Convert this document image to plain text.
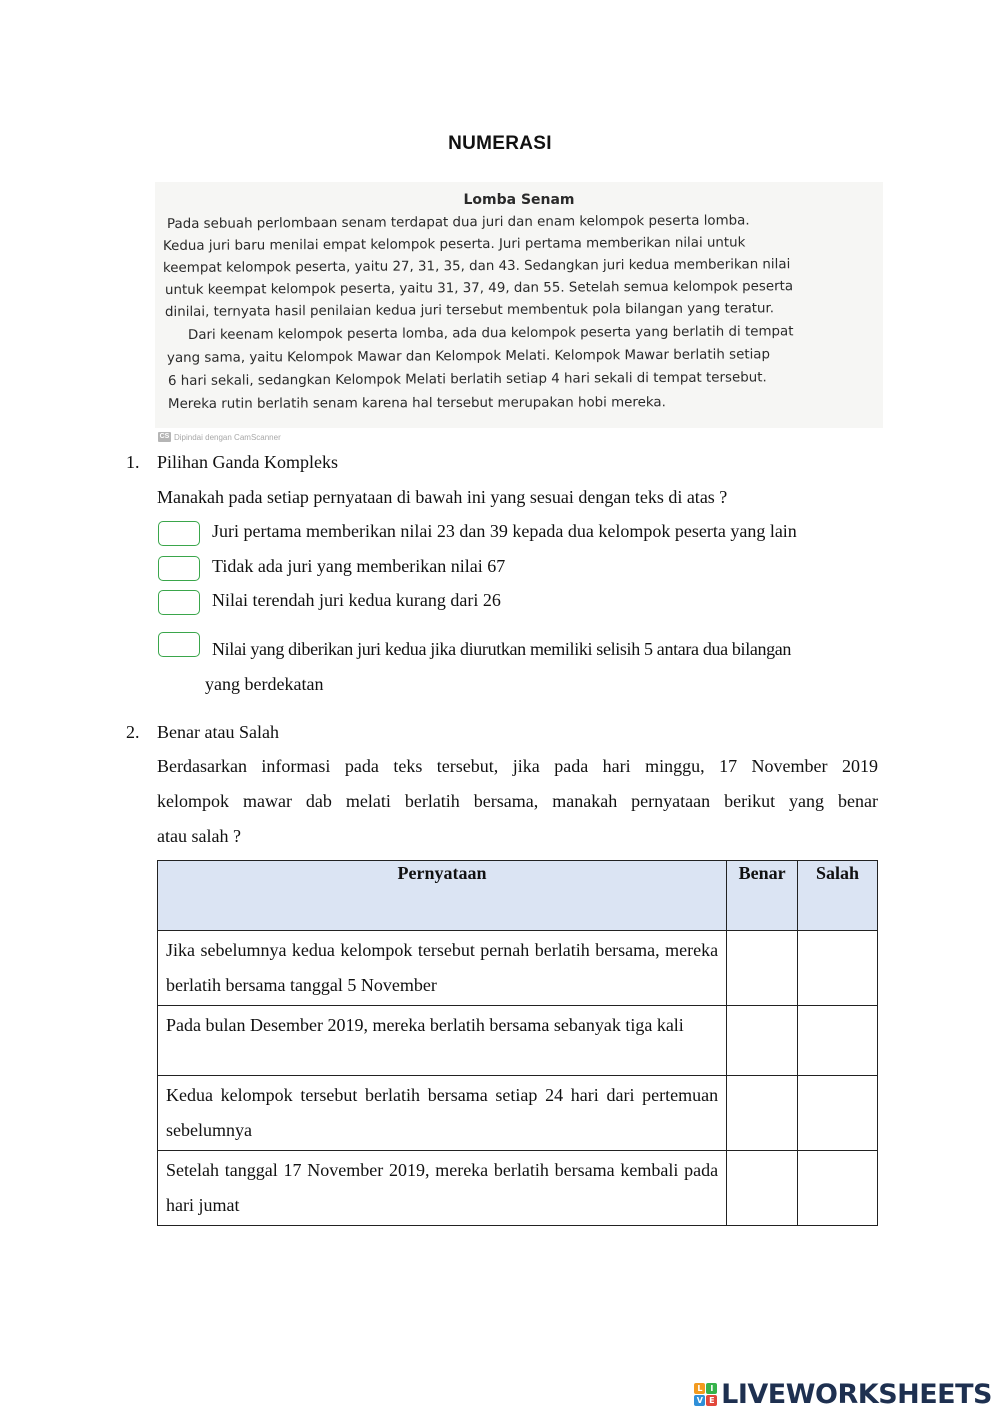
NUMERASI
Lomba Senam
Pada sebuah perlombaan senam terdapat dua juri dan enam kelompok peserta lomba.
Kedua juri baru menilai empat kelompok peserta. Juri pertama memberikan nilai untuk
keempat kelompok peserta, yaitu 27, 31, 35, dan 43. Sedangkan juri kedua memberikan nilai
untuk keempat kelompok peserta, yaitu 31, 37, 49, dan 55. Setelah semua kelompok peserta
dinilai, ternyata hasil penilaian kedua juri tersebut membentuk pola bilangan yang teratur.
Dari keenam kelompok peserta lomba, ada dua kelompok peserta yang berlatih di tempat
yang sama, yaitu Kelompok Mawar dan Kelompok Melati. Kelompok Mawar berlatih setiap
6 hari sekali, sedangkan Kelompok Melati berlatih setiap 4 hari sekali di tempat tersebut.
Mereka rutin berlatih senam karena hal tersebut merupakan hobi mereka.
CS Dipindai dengan CamScanner
1. Pilihan Ganda Kompleks
Manakah pada setiap pernyataan di bawah ini yang sesuai dengan teks di atas ?
Juri pertama memberikan nilai 23 dan 39 kepada dua kelompok peserta yang lain
Tidak ada juri yang memberikan nilai 67
Nilai terendah juri kedua kurang dari 26
Nilai yang diberikan juri kedua jika diurutkan memiliki selisih 5 antara dua bilangan
yang berdekatan
2. Benar atau Salah
Berdasarkan informasi pada teks tersebut, jika pada hari minggu, 17 November 2019
kelompok mawar dab melati berlatih bersama, manakah pernyataan berikut yang benar
atau salah ?
Pernyataan	Benar	Salah
Jika sebelumnya kedua kelompok tersebut pernah berlatih bersama, mereka berlatih bersama tanggal 5 November	

Pada bulan Desember 2019, mereka berlatih bersama sebanyak tiga kali	

Kedua kelompok tersebut berlatih bersama setiap 24 hari dari pertemuan sebelumnya	

Setelah tanggal 17 November 2019, mereka berlatih bersama kembali pada hari jumat	

L	I
V E LIVEWORKSHEETS
